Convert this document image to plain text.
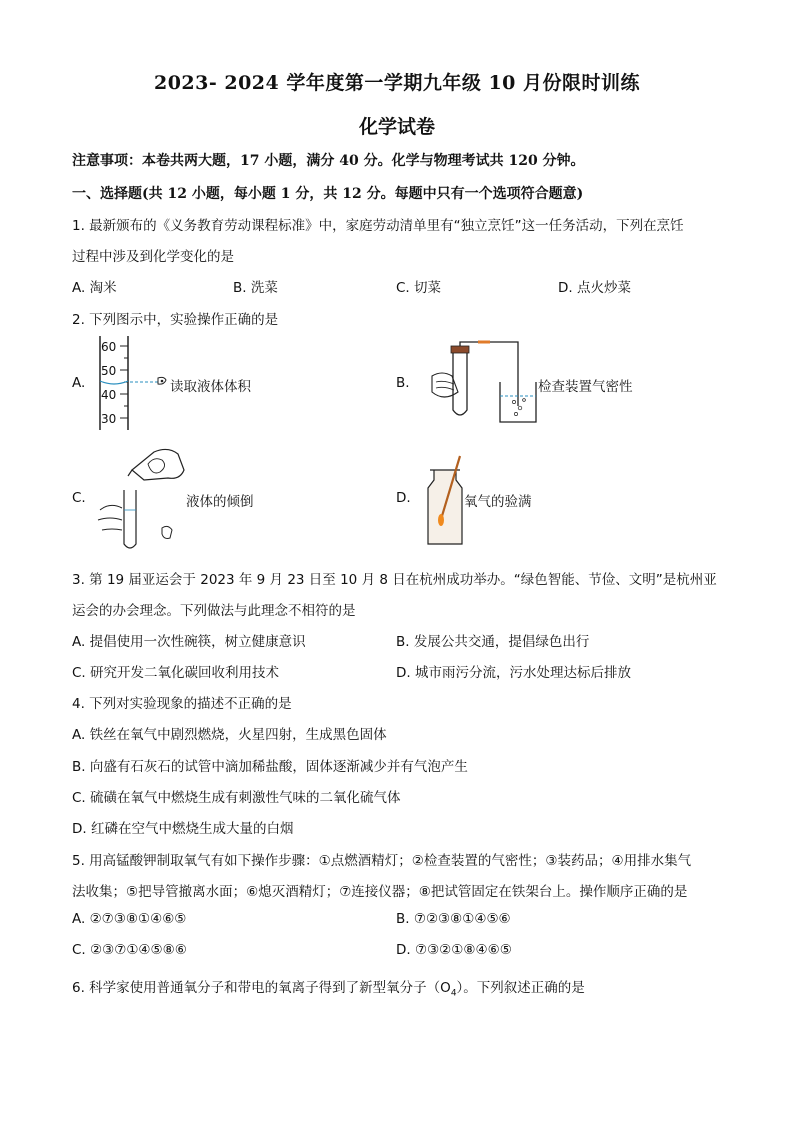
2023- 2024 学年度第一学期九年级 10 月份限时训练
化学试卷
注意事项：本卷共两大题，17 小题，满分 40 分。化学与物理考试共 120 分钟。
一、选择题(共 12 小题，每小题 1 分，共 12 分。每题中只有一个选项符合题意)
1. 最新颁布的《义务教育劳动课程标准》中，家庭劳动清单里有“独立烹饪”这一任务活动，下列在烹饪
过程中涉及到化学变化的是
A. 淘米	B. 洗菜	C. 切菜	D. 点火炒菜
2. 下列图示中，实验操作正确的是
A.
60
50
40
30
读取液体体积	B.	检查装置气密性
C.	液体的倾倒	D.	氧气的验满
3. 第 19 届亚运会于 2023 年 9 月 23 日至 10 月 8 日在杭州成功举办。“绿色智能、节俭、文明”是杭州亚
运会的办会理念。下列做法与此理念不相符的是
A. 提倡使用一次性碗筷，树立健康意识	B. 发展公共交通，提倡绿色出行
C. 研究开发二氧化碳回收利用技术	D. 城市雨污分流，污水处理达标后排放
4. 下列对实验现象的描述不正确的是
A. 铁丝在氧气中剧烈燃烧，火星四射，生成黑色固体
B. 向盛有石灰石的试管中滴加稀盐酸，固体逐渐减少并有气泡产生
C. 硫磺在氧气中燃烧生成有刺激性气味的二氧化硫气体
D. 红磷在空气中燃烧生成大量的白烟
5. 用高锰酸钾制取氧气有如下操作步骤：①点燃酒精灯；②检查装置的气密性；③装药品；④用排水集气
法收集；⑤把导管撤离水面；⑥熄灭酒精灯；⑦连接仪器；⑧把试管固定在铁架台上。操作顺序正确的是
A. ②⑦③⑧①④⑥⑤	B. ⑦②③⑧①④⑤⑥
C. ②③⑦①④⑤⑧⑥	D. ⑦③②①⑧④⑥⑤
6. 科学家使用普通氧分子和带电的氧离子得到了新型氧分子$(O_4)$。下列叙述正确的是
